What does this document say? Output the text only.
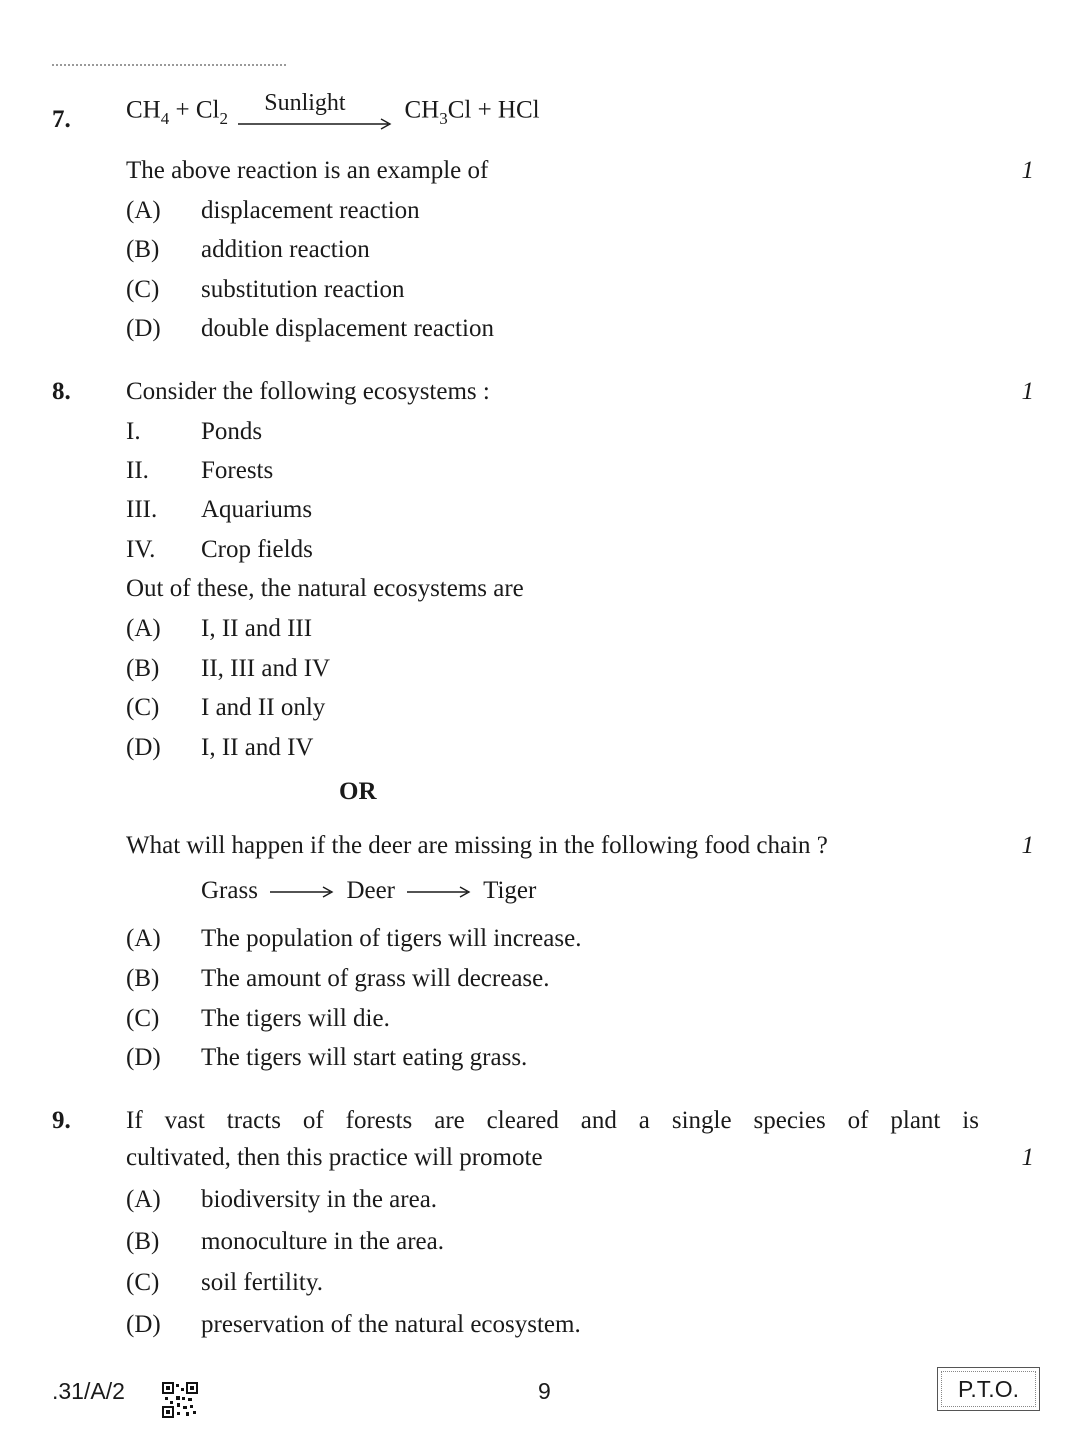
7. $CH_4 + Cl_2$
Sunlight $CH_3Cl$ + HCl
The above reaction is an example of	1
(A) displacement reaction
(B) addition reaction
(C) substitution reaction
(D) double displacement reaction
8. Consider the following ecosystems :	1
I. Ponds
II. Forests
III. Aquariums
IV. Crop fields
Out of these, the natural ecosystems are
(A) I, II and III
(B) II, III and IV
(C) I and II only
(D) I, II and IV
OR
What will happen if the deer are missing in the following food chain ?	1
Grass	Deer	Tiger
(A) The population of tigers will increase.
(B) The amount of grass will decrease.
(C) The tigers will die.
(D) The tigers will start eating grass.
9. If vast tracts of forests are cleared and a single species of plant is
cultivated, then this practice will promote	1
(A) biodiversity in the area.
(B) monoculture in the area.
(C) soil fertility.
(D) preservation of the natural ecosystem.
.31/A/2	9	P.T.O.
